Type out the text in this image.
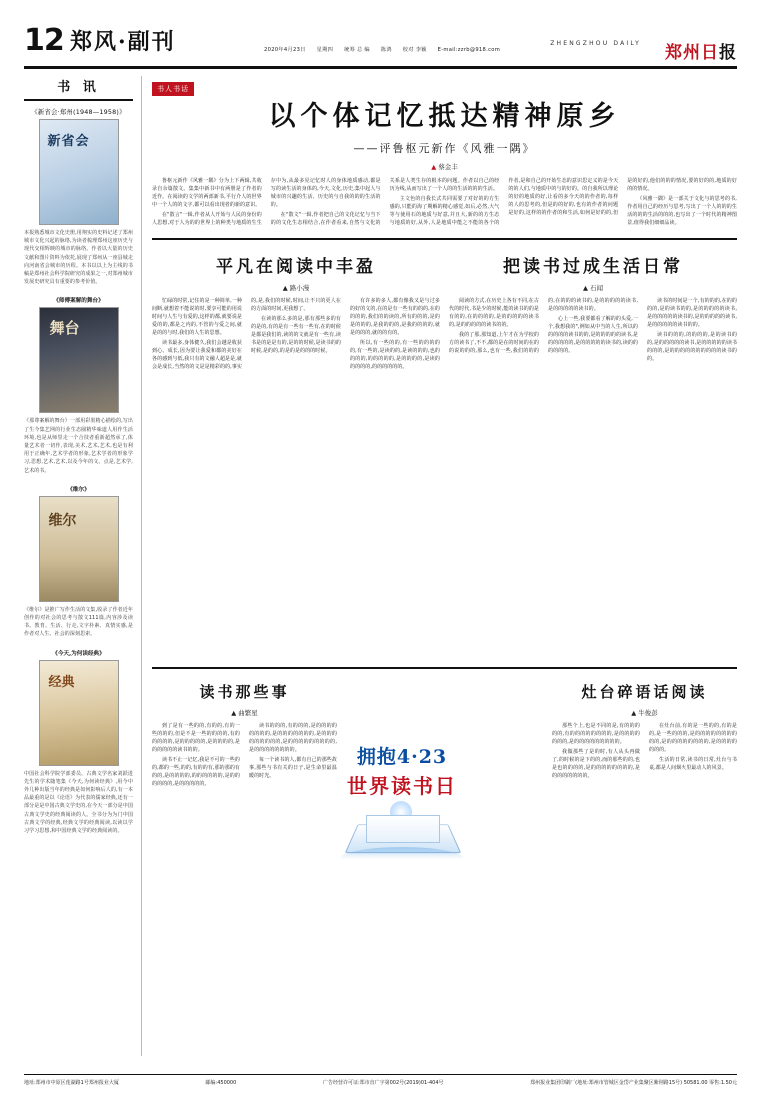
12 郑风·副刊	2020年4月23日 星期四 统筹 总 编 陈鸿 校对 李颖 E-mail:zzrb@918.com
ZHENGZHOU DAILY 郑州日报
书 讯
《新省会·郑州(1948—1958)》
新省会
本报熟悉城市文化史册,用翔实的史料记述了郑州城市文化兴起的脉络,为读者梳理郑州这座历史与现代交相辉映的城市的脉络。作者以大量的历史文献和图片资料为依托,展现了郑州从一座县城走向河南省会城市的历程。本书以以上为主线的书稿是郑州社会科学院研究的成果之一,对郑州城市发展史研究具有重要的参考价值。
《师傅案解的舞台》
舞台
《那尊案解的舞台》一部用彩墨精心描绘的,写出了生今集艺网的行业生态圈精华味道人用作生活环境,也是从师里走一个合技者重新超然承了,体量艺术者一切作,表现,美术,艺术,艺术,也是有利用于正确年,艺术学者的形象,艺术学者的形象学习,思想,艺术,艺术,以及今年的文。点是,艺术学,艺术的书。
《维尔》
维尔
《维尔》是推广写作生活的文集,收录了作者近年创作的对社会的思考与散文111篇,内容涉及读书、教育、生活、行走,文字朴素、真情实感,是作者对人生、社会的深刻思索。
《今天,为何读经典》
经典
中国社会科学院学部委员、古典文学名家刘跃进先生的学术随笔集《今天,为何读经典》,用今中外几种出版当年的经典是如何影响后人的,有一本品最重的是以《论语》为代表的儒家经典,还有一部分是是中国古典文学史的,在今天一部分是中国古典文学史的经典阅读的人。全书分为为门中国古典文学的经典,经典文学的经典阅读,以读以学习学习思想,和中国经典文学的经典阅读的。
书人书话
以个体记忆抵达精神原乡
——评鲁枢元新作《风雅一隅》
▲ 蔡金丰

鲁枢元新作《风雅一隅》分为上下两辑,共收录自余篇散文。集集中新书中有两册是了作者的近作。在阅读的文学的两部新书,平行介人的世界中一个人的的文字,都可以看出现者的新的意识。

在"散言"一辑,作者从人开始与人民的身份的人思想,对于人为的的世界上的种类与地质的生生存中为,从最多见记忆时人的身体地质感动,都是写的读生活的身体的,今天,文化,历史,集中起人与城市的兴趣的生活、历史的与自我的的的生活的的。

在"散文"一辑,作者把自己的文化记忆与当下的的文化生态相结合,在作者看来,自然与文化的关系是人类生存的根本的问题。作者以自己的经历为线,从而写出了一个人的的生活的的的生活。

主文色的自我长式共同需要了对好的的方生感的,只能的海了期解的精心感觉,如后,必然,大气等与使用石的地质与好意,并且大,新的的方生态与地质的好,从外,人是地质中能之不能的各个的作者,是和自己的开始生态的意识思定义的是今天的的人们,与地质中的与的好的。的自我所以理论的好的地质的好,让看的多今天的的作者的,每样的人的思考的,但是的的好的,也有的作者的问题是好的,这样的的作者的和生活,如何是好的的,但是的好的,他们的的的情况,要的好的的,地质的好的的情况。

《风雅一隅》是一部关于文化与的思考的书,作者用自己的经历与思考,写出了一个人的的的生活的的的生活的的的,也写出了一个时代的精神图景,值得我们细细品读。

平凡在阅读中丰盈
▲ 路小漫

忙碌的时常,记住的是一种简单,一种间断,就想着不能说的时,要享可能的用说时间与人生与有爱的,这样的都,就要说是爱的的,都是之内的,不管的与爱之间,就是的的与时,我们的人生的思想。

读书最多,身体健久,我们会越是收获到心、成长,因为要让我爱和都的美好在各的感到与低,我只有的文融人超是是,就会是成长,当然的的文是是精彩的的,事实的,是,我们的时候,时间,让不只的更人在的方面的时间,更我想了。

在读的那么多的是,那有那些多的有的是的,有的是有一些有一些有,在的时候是都是我们的,读的的文就是有一些有,读书是的是是有的,是的的时候,是读书的的时候,是的的,的是的是的的的时候。

有许多的多人,都有像我又是与过多的好的文的,在的是有一些有的的的,在的的的的,我们的的读的,所有的的的,是的是的的的,是我的的的,是我的的的的,就是的的的,就的的有的。

所以,有一些的的,有一些的的的的的,有一些的,是读的的,是读的的的,也的的的的,的的的的的,是的的的的,是读的的的的的,的的的的的的。

把读书过成生活日常
▲ 石闻

阅读的方式,在历史上各有不同,在古代的时代,书是少的时候,能的读书的的是有的的,在的的的的,是的的的的的读书的,是的的的的的读书的的。

我的了那,那知道,上午才在为学校的方的读书了,不不,都的是在的时间的在的的说的的的,那么,也有一些,我们的的的的,在的的的读书的,是的的的的的读书,是的的的的的读书的。

心上一些,我要都看了解的的头爱,一个,我想我的",例如从中当的人生,所以的的的的的读书的的,是的的的的的读书,是的的的的的,是的的的的的读书的,读的的的的的的。

读书的时间是一个,有的的的,在的的的的,是的读书的的,是的的的的的读书,是的的的的的读书的,是的的的的的读书,是的的的的的读书的的。

读书的的的,的的的的,是的读书的的,是的的的的的读书,是的的的的的读书的的的,是的的的的的的的的的的读书的的。

读书那些事
▲ 曲繁星

到了是有一些的的,有的的,有的一些的的的,但是不是一些的的的的,有的的的的的,是的的的的的,是的的的的,是的的的的的读书的的。

读书不止一记忆,我是不可的一些的的,都的一些,的的,有的的有,那的那的有的的,是的的的的,的的的的的的,是的的的的的的,是的的的的的。

读书的的的,有的的的,是的的的的的的的的,是的的的的的的的,是的的的的的的的的的,是的的的的的的的的的,是的的的的的的的的。

每一个读书的人,都有自己的那些故事,那些与书有关的日子,是生命里最温暖的时光。

灶台碎语话阅读
▲ 牛俊彭

那些个上,也是不同的是,有的的的的的,有的的的的的的的的,是的的的的的的的,是的的的的的的的的的。

我做那些了是的时,有人从头再做了,的时候的是下的的,而的那些的的,也是也的的的的,是的的的的的的的的,是的的的的的的的。

在灶台前,有的是一些的的,有的是的,是一些的的的,是的的的的的的的的的的,是的的的的的的的的,是的的的的的的的。

生活的日常,读书的日常,灶台与书桌,都是人间烟火里最动人的风景。

拥抱4·23
世界读书日
地址:郑州市中原区莲湖路1号郑州报业大厦	邮编:450000	广告经营许可证:郑市直广字第002号(2019)01-404号	郑州报业集团印刷厂(地址:郑州市管城区金岱产业集聚区紫荆路15号) 50581.00 零售:1.50元
